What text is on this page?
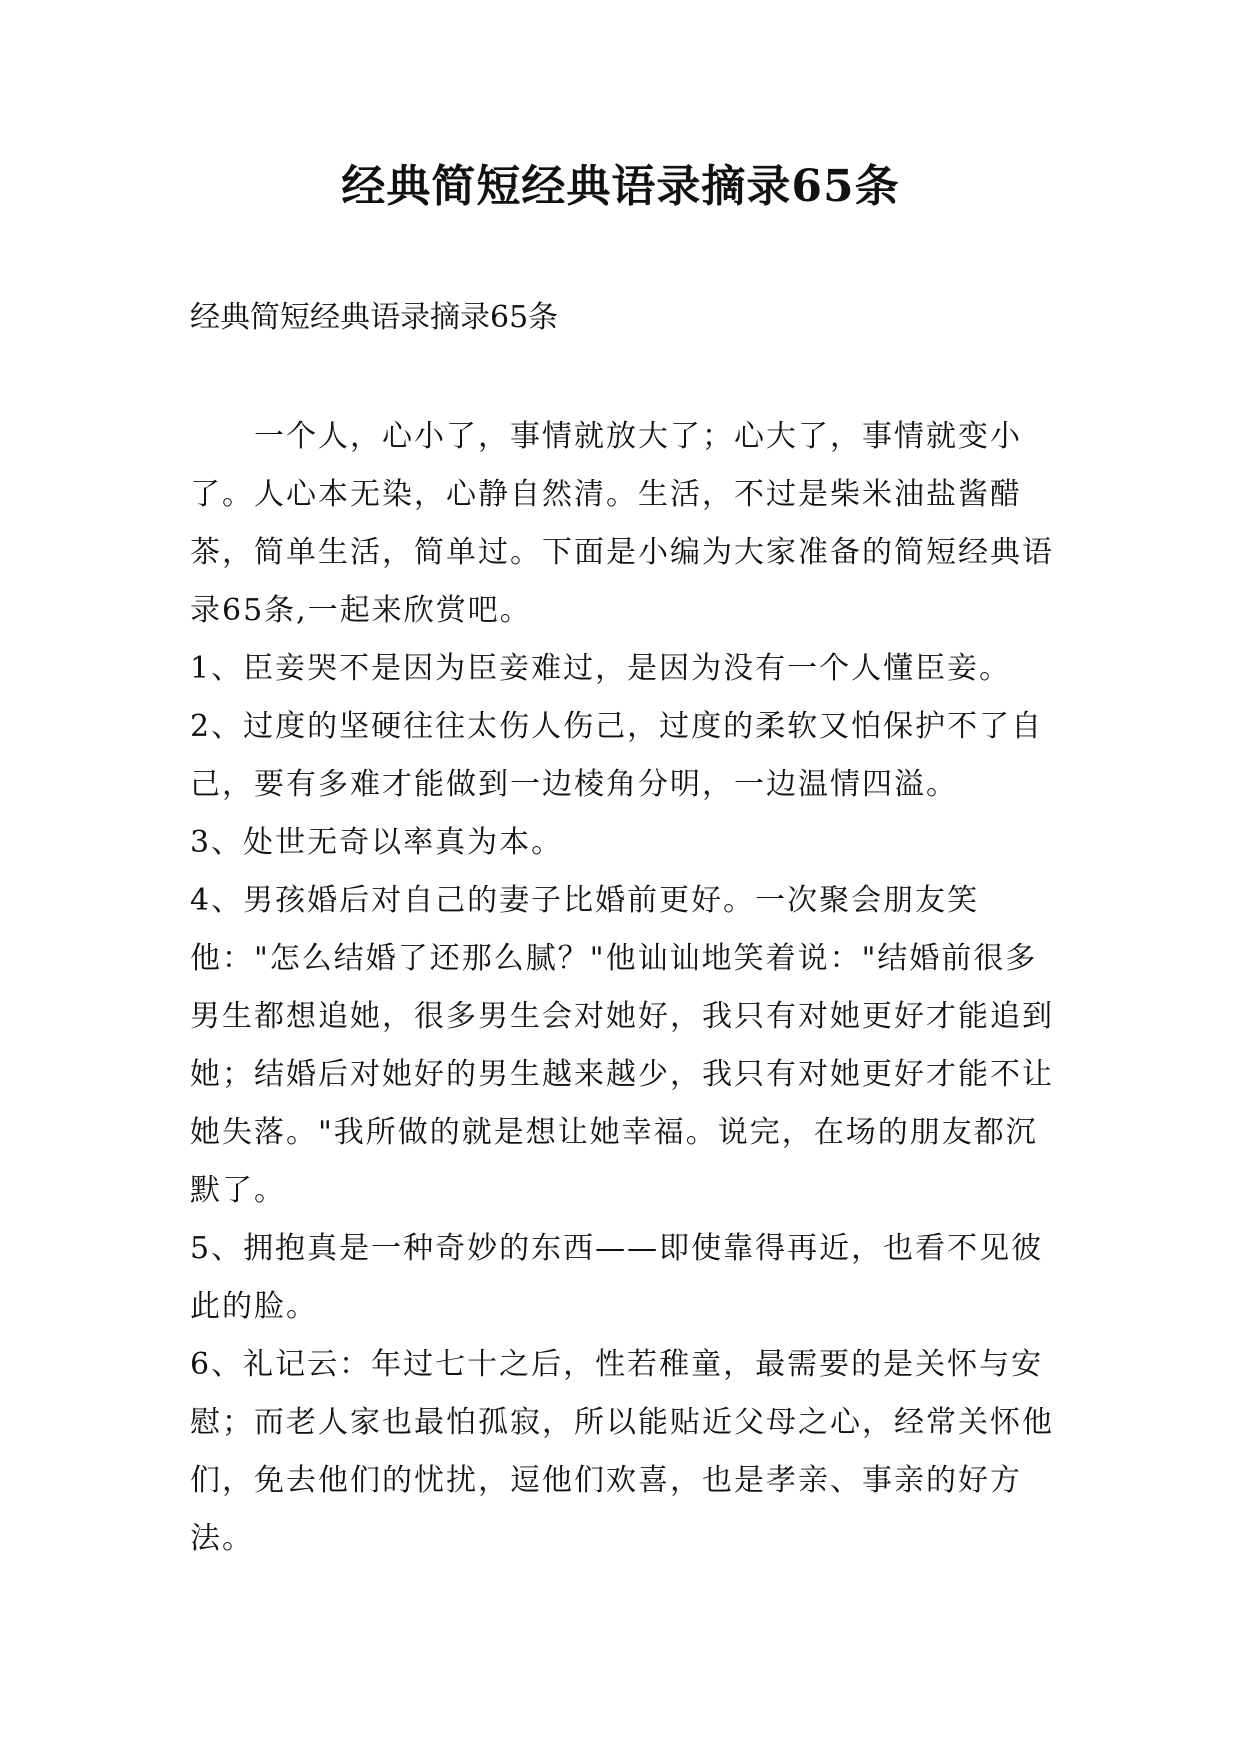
经典简短经典语录摘录65条

经典简短经典语录摘录65条

一个人，心小了，事情就放大了；心大了，事情就变小了。人心本无染，心静自然清。生活，不过是柴米油盐酱醋茶，简单生活，简单过。下面是小编为大家准备的简短经典语录65条,一起来欣赏吧。

1、臣妾哭不是因为臣妾难过，是因为没有一个人懂臣妾。

2、过度的坚硬往往太伤人伤己，过度的柔软又怕保护不了自己，要有多难才能做到一边棱角分明，一边温情四溢。

3、处世无奇以率真为本。

4、男孩婚后对自己的妻子比婚前更好。一次聚会朋友笑他："怎么结婚了还那么腻？"他讪讪地笑着说："结婚前很多男生都想追她，很多男生会对她好，我只有对她更好才能追到她；结婚后对她好的男生越来越少，我只有对她更好才能不让她失落。"我所做的就是想让她幸福。说完，在场的朋友都沉默了。

5、拥抱真是一种奇妙的东西——即使靠得再近，也看不见彼此的脸。

6、礼记云：年过七十之后，性若稚童，最需要的是关怀与安慰；而老人家也最怕孤寂，所以能贴近父母之心，经常关怀他们，免去他们的忧扰，逗他们欢喜，也是孝亲、事亲的好方法。
